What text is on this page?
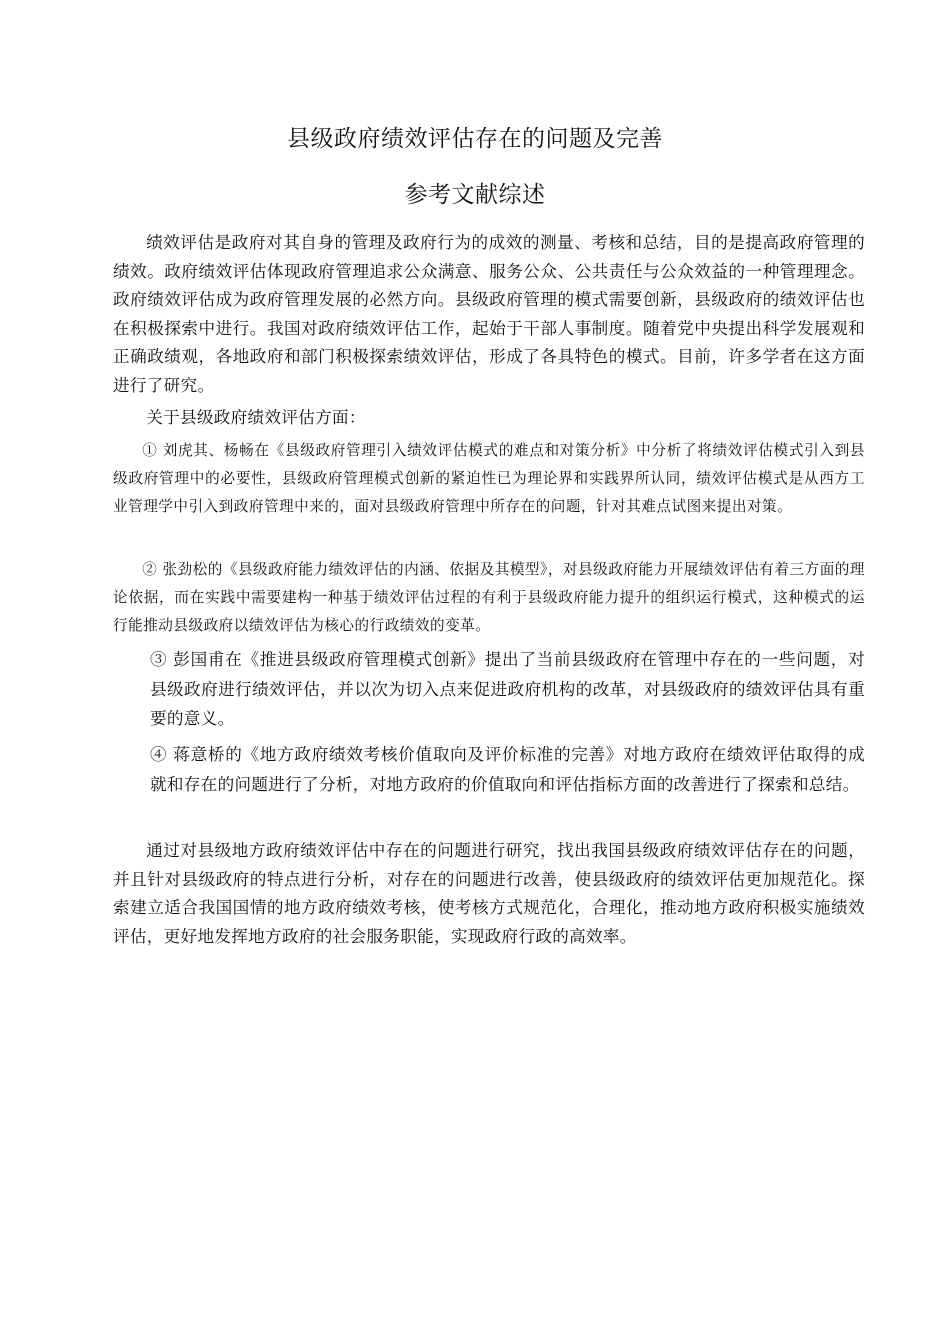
县级政府绩效评估存在的问题及完善
参考文献综述

绩效评估是政府对其自身的管理及政府行为的成效的测量、考核和总结，目的是提高政府管理的绩效。政府绩效评估体现政府管理追求公众满意、服务公众、公共责任与公众效益的一种管理理念。政府绩效评估成为政府管理发展的必然方向。县级政府管理的模式需要创新，县级政府的绩效评估也在积极探索中进行。我国对政府绩效评估工作，起始于干部人事制度。随着党中央提出科学发展观和正确政绩观，各地政府和部门积极探索绩效评估，形成了各具特色的模式。目前，许多学者在这方面进行了研究。

关于县级政府绩效评估方面：

① 刘虎其、杨畅在《县级政府管理引入绩效评估模式的难点和对策分析》中分析了将绩效评估模式引入到县级政府管理中的必要性，县级政府管理模式创新的紧迫性已为理论界和实践界所认同，绩效评估模式是从西方工业管理学中引入到政府管理中来的，面对县级政府管理中所存在的问题，针对其难点试图来提出对策。

② 张劲松的《县级政府能力绩效评估的内涵、依据及其模型》，对县级政府能力开展绩效评估有着三方面的理论依据，而在实践中需要建构一种基于绩效评估过程的有利于县级政府能力提升的组织运行模式，这种模式的运行能推动县级政府以绩效评估为核心的行政绩效的变革。

③ 彭国甫在《推进县级政府管理模式创新》提出了当前县级政府在管理中存在的一些问题，对县级政府进行绩效评估，并以次为切入点来促进政府机构的改革，对县级政府的绩效评估具有重要的意义。

④ 蒋意桥的《地方政府绩效考核价值取向及评价标准的完善》对地方政府在绩效评估取得的成就和存在的问题进行了分析，对地方政府的价值取向和评估指标方面的改善进行了探索和总结。

通过对县级地方政府绩效评估中存在的问题进行研究，找出我国县级政府绩效评估存在的问题，并且针对县级政府的特点进行分析，对存在的问题进行改善，使县级政府的绩效评估更加规范化。探索建立适合我国国情的地方政府绩效考核，使考核方式规范化，合理化，推动地方政府积极实施绩效评估，更好地发挥地方政府的社会服务职能，实现政府行政的高效率。
